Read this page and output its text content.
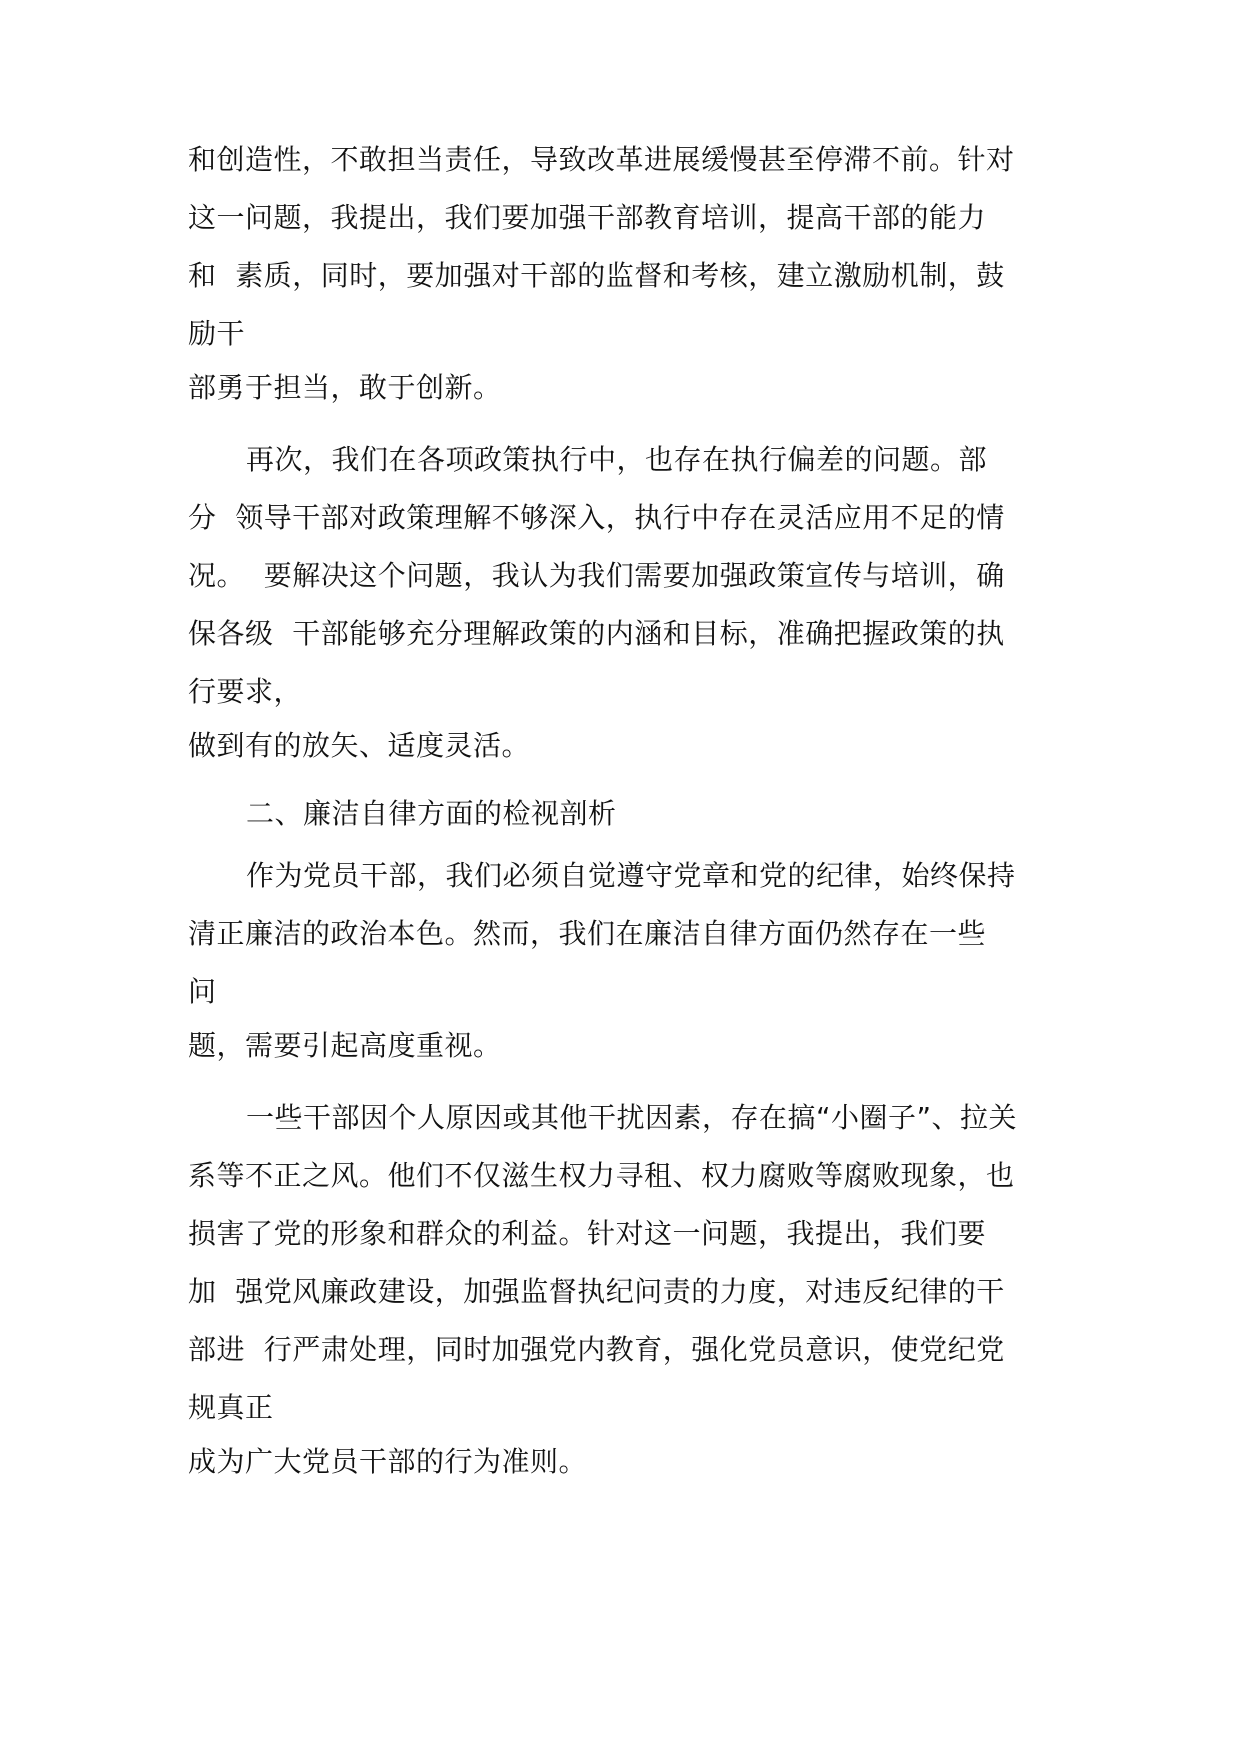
和创造性，不敢担当责任，导致改革进展缓慢甚至停滞不前。针对
这一问题，我提出，我们要加强干部教育培训，提高干部的能力
和  素质，同时，要加强对干部的监督和考核，建立激励机制，鼓
励干
部勇于担当，敢于创新。
再次，我们在各项政策执行中，也存在执行偏差的问题。部
分  领导干部对政策理解不够深入，执行中存在灵活应用不足的情
况。  要解决这个问题，我认为我们需要加强政策宣传与培训，确
保各级  干部能够充分理解政策的内涵和目标，准确把握政策的执
行要求，
做到有的放矢、适度灵活。
二、廉洁自律方面的检视剖析
作为党员干部，我们必须自觉遵守党章和党的纪律，始终保持
清正廉洁的政治本色。然而，我们在廉洁自律方面仍然存在一些
问
题，需要引起高度重视。
一些干部因个人原因或其他干扰因素，存在搞“小圈子”、拉关
系等不正之风。他们不仅滋生权力寻租、权力腐败等腐败现象，也
损害了党的形象和群众的利益。针对这一问题，我提出，我们要
加  强党风廉政建设，加强监督执纪问责的力度，对违反纪律的干
部进  行严肃处理，同时加强党内教育，强化党员意识，使党纪党
规真正
成为广大党员干部的行为准则。
